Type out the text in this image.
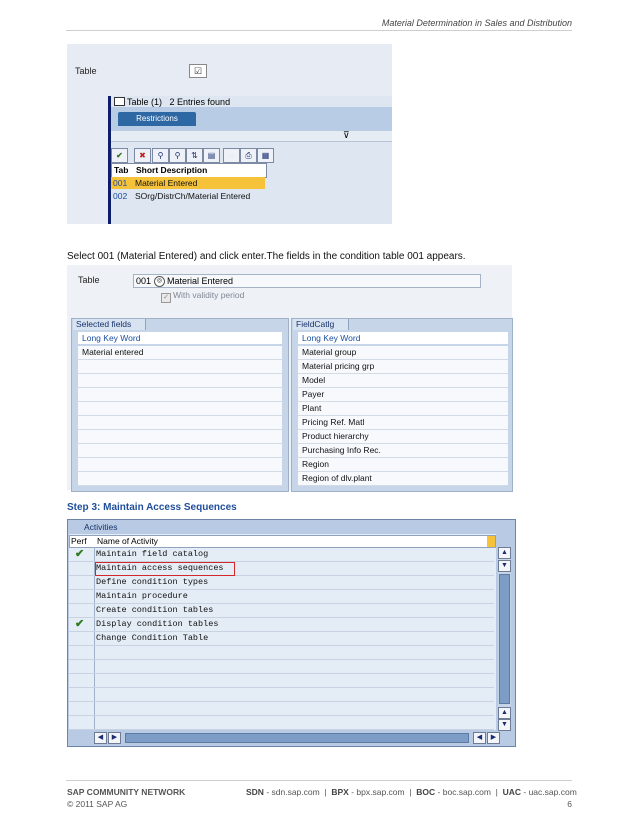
Material Determination in Sales and Distribution
Table	☑
Table (1) 2 Entries found
Restrictions
⊽
✔	✖	⚲	⚲	⇅	▤	◌	⎙	▦
Tab Short Description
001 Material Entered
002 SOrg/DistrCh/Material Entered
Select 001 (Material Entered) and click enter.The fields in the condition table 001 appears.
Table	001 ◎ Material Entered
✓ With validity period
Selected fields
Long Key Word
Material entered
FieldCatlg
Long Key Word
Material group
Material pricing grp
Model
Payer
Plant
Pricing Ref. Matl
Product hierarchy
Purchasing Info Rec.
Region
Region of dlv.plant
Step 3: Maintain Access Sequences
Activities
Perf Name of Activity
✔ Maintain field catalog
Maintain access sequences
Define condition types
Maintain procedure
Create condition tables
✔ Display condition tables
Change Condition Table
▲
▼
▲
▼
◀	▶	◀	▶
SAP COMMUNITY NETWORK	SDN - sdn.sap.com  |  BPX - bpx.sap.com  |  BOC - boc.sap.com  |  UAC - uac.sap.com
© 2011 SAP AG	6
